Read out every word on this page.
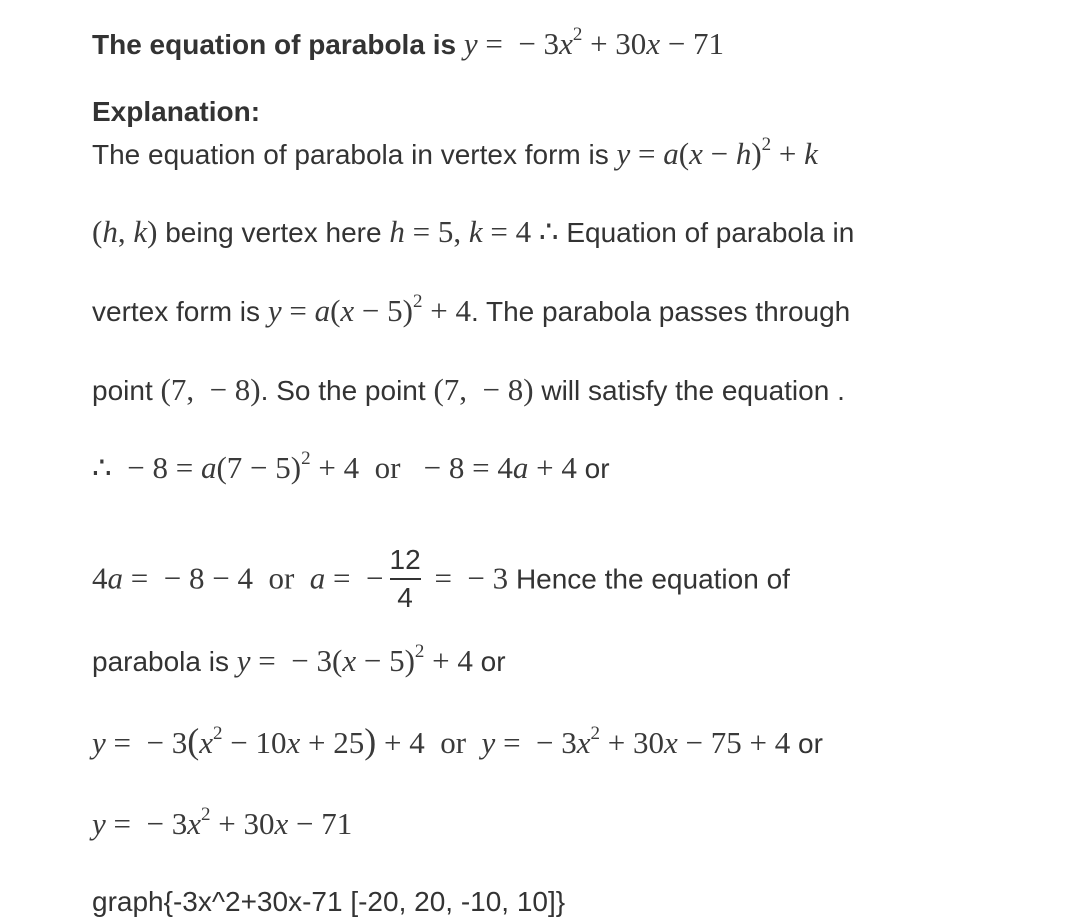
The equation of parabola is y =  − $3x^2 + 30x - 71$
Explanation:
The equation of parabola in vertex form is $y = a(x - h)^2 + k$
(h, k) being vertex here h = 5, k = 4 ∴ Equation of parabola in
vertex form is $y = a(x - 5)^2 + 4$. The parabola passes through
point (7,  − 8). So the point (7,  − 8) will satisfy the equation .
∴  − $8 = a(7 - 5)^2 + 4$  or   − 8 = 4a + 4 or
4a =  − 8 − 4  or  a =  − $\frac{12}{4}$ =  − 3 Hence the equation of
parabola is y =  − $3(x - 5)^2 + 4$ or
y =  − $3(x^2 - 10x + 25) + 4$  or  y =  − $3x^2 + 30x - 75 + 4$ or
y =  − $3x^2 + 30x - 71$
graph{-3x^2+30x-71 [-20, 20, -10, 10]}
